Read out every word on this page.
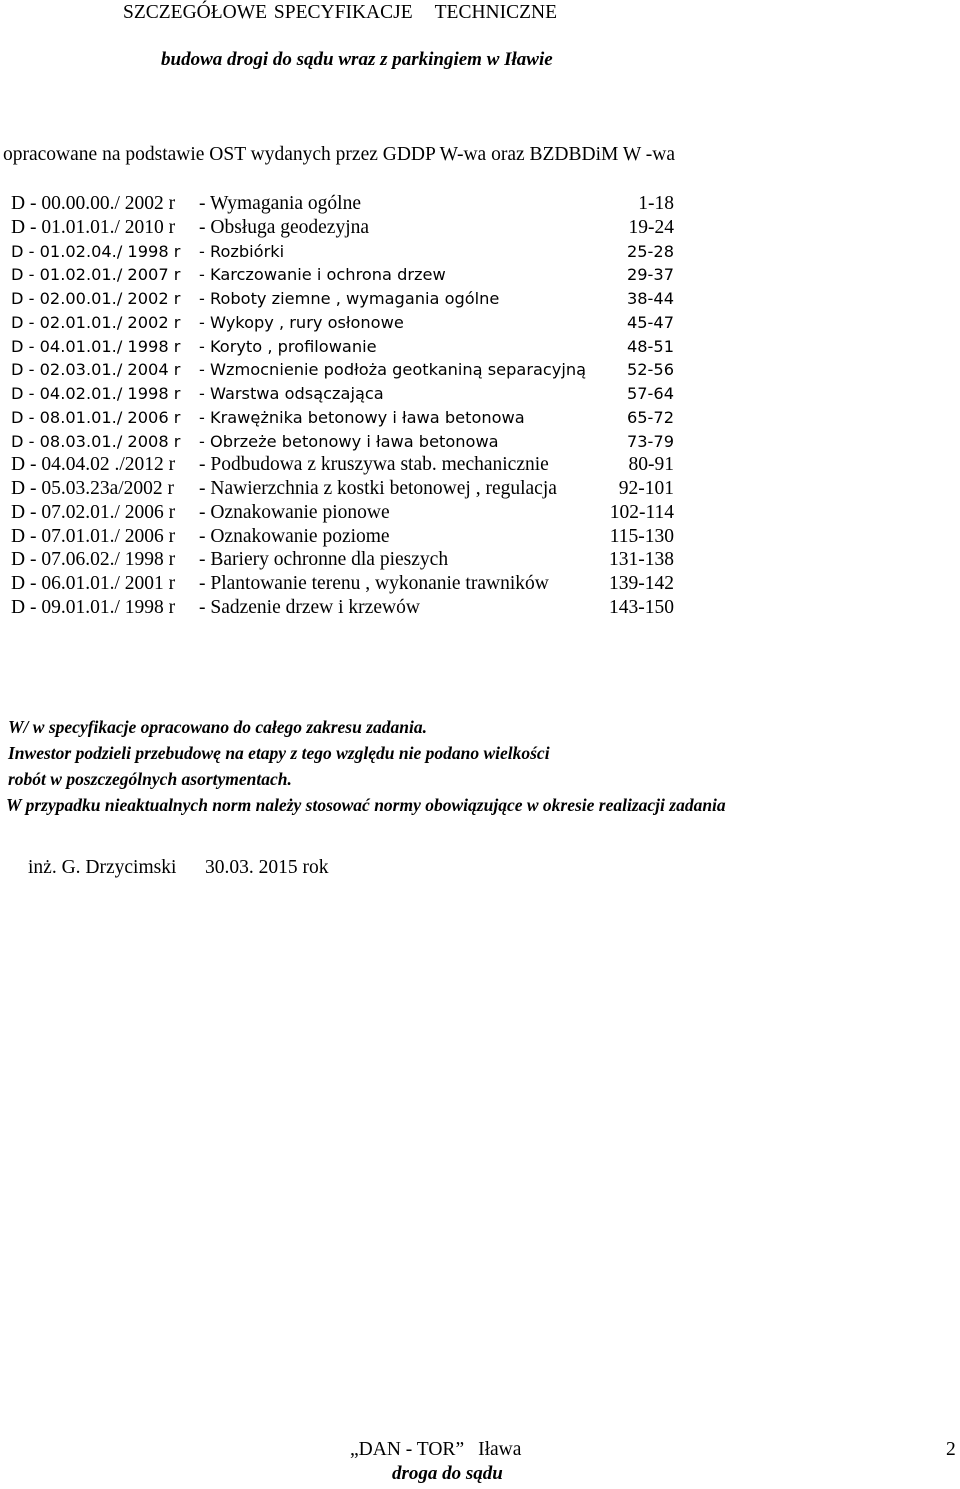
SZCZEGÓŁOWE SPECYFIKACJE TECHNICZNE
budowa drogi do sądu wraz z parkingiem w Iławie
opracowane na podstawie OST wydanych przez GDDP W-wa oraz BZDBDiM W -wa
D - 00.00.00./ 2002 r - Wymagania ogólne	1-18
D - 01.01.01./ 2010 r - Obsługa geodezyjna	19-24
D - 01.02.04./ 1998 r - Rozbiórki	25-28
D - 01.02.01./ 2007 r - Karczowanie i ochrona drzew	29-37
D - 02.00.01./ 2002 r - Roboty ziemne , wymagania ogólne	38-44
D - 02.01.01./ 2002 r - Wykopy , rury osłonowe	45-47
D - 04.01.01./ 1998 r - Koryto , profilowanie	48-51
D - 02.03.01./ 2004 r - Wzmocnienie podłoża geotkaniną separacyjną	52-56
D - 04.02.01./ 1998 r - Warstwa odsączająca	57-64
D - 08.01.01./ 2006 r - Krawężnika betonowy i ława betonowa	65-72
D - 08.03.01./ 2008 r - Obrzeże betonowy i ława betonowa	73-79
D - 04.04.02 ./2012 r - Podbudowa z kruszywa stab. mechanicznie	80-91
D - 05.03.23a/2002 r - Nawierzchnia z kostki betonowej , regulacja	92-101
D - 07.02.01./ 2006 r - Oznakowanie pionowe	102-114
D - 07.01.01./ 2006 r - Oznakowanie poziome	115-130
D - 07.06.02./ 1998 r - Bariery ochronne dla pieszych	131-138
D - 06.01.01./ 2001 r - Plantowanie terenu , wykonanie trawników	139-142
D - 09.01.01./ 1998 r - Sadzenie drzew i krzewów	143-150
W/ w specyfikacje opracowano do całego zakresu zadania.
Inwestor podzieli przebudowę na etapy z tego względu nie podano wielkości
robót w poszczególnych asortymentach.
W przypadku nieaktualnych norm należy stosować normy obowiązujące w okresie realizacji zadania
inż. G. Drzycimski 30.03. 2015 rok
„DAN - TOR” Iława
droga do sądu
2
